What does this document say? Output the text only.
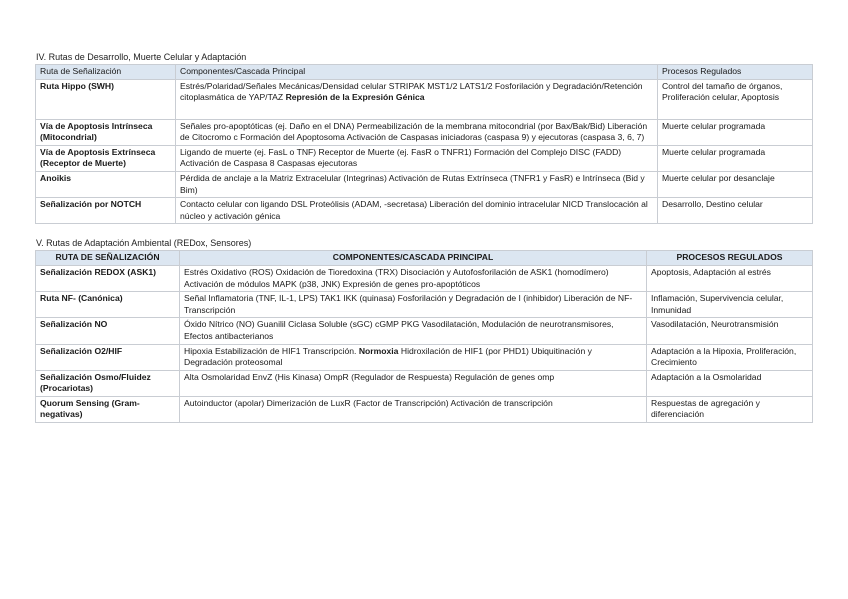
IV. Rutas de Desarrollo, Muerte Celular y Adaptación
Ruta de Señalización	Componentes/Cascada Principal	Procesos Regulados
Ruta Hippo (SWH)	Estrés/Polaridad/Señales Mecánicas/Densidad celular STRIPAK MST1/2 LATS1/2 Fosforilación y Degradación/Retención citoplasmática de YAP/TAZ Represión de la Expresión Génica	Control del tamaño de órganos, Proliferación celular, Apoptosis
Vía de Apoptosis Intrínseca (Mitocondrial)	Señales pro-apoptóticas (ej. Daño en el DNA) Permeabilización de la membrana mitocondrial (por Bax/Bak/Bid) Liberación de Citocromo c Formación del Apoptosoma Activación de Caspasas iniciadoras (caspasa 9) y ejecutoras (caspasa 3, 6, 7)	Muerte celular programada
Vía de Apoptosis Extrínseca (Receptor de Muerte)	Ligando de muerte (ej. FasL o TNF) Receptor de Muerte (ej. FasR o TNFR1) Formación del Complejo DISC (FADD) Activación de Caspasa 8 Caspasas ejecutoras	Muerte celular programada
Anoikis	Pérdida de anclaje a la Matriz Extracelular (Integrinas) Activación de Rutas Extrínseca (TNFR1 y FasR) e Intrínseca (Bid y Bim)	Muerte celular por desanclaje
Señalización por NOTCH	Contacto celular con ligando DSL Proteólisis (ADAM, -secretasa) Liberación del dominio intracelular NICD Translocación al núcleo y activación génica	Desarrollo, Destino celular
V. Rutas de Adaptación Ambiental (REDox, Sensores)
RUTA DE SEÑALIZACIÓN	COMPONENTES/CASCADA PRINCIPAL	PROCESOS REGULADOS
Señalización REDOX (ASK1)	Estrés Oxidativo (ROS) Oxidación de Tioredoxina (TRX) Disociación y Autofosforilación de ASK1 (homodímero) Activación de módulos MAPK (p38, JNK) Expresión de genes pro-apoptóticos	Apoptosis, Adaptación al estrés
Ruta NF- (Canónica)	Señal Inflamatoria (TNF, IL-1, LPS) TAK1 IKK (quinasa) Fosforilación y Degradación de I (inhibidor) Liberación de NF- Transcripción	Inflamación, Supervivencia celular, Inmunidad
Señalización NO	Óxido Nítrico (NO) Guanilil Ciclasa Soluble (sGC) cGMP PKG Vasodilatación, Modulación de neurotransmisores, Efectos antibacterianos	Vasodilatación, Neurotransmisión
Señalización O2/HIF	Hipoxia Estabilización de HIF1 Transcripción. Normoxia Hidroxilación de HIF1 (por PHD1) Ubiquitinación y Degradación proteosomal	Adaptación a la Hipoxia, Proliferación, Crecimiento
Señalización Osmo/Fluidez (Procariotas)	Alta Osmolaridad EnvZ (His Kinasa) OmpR (Regulador de Respuesta) Regulación de genes omp	Adaptación a la Osmolaridad
Quorum Sensing (Gram-negativas)	Autoinductor (apolar) Dimerización de LuxR (Factor de Transcripción) Activación de transcripción	Respuestas de agregación y diferenciación
